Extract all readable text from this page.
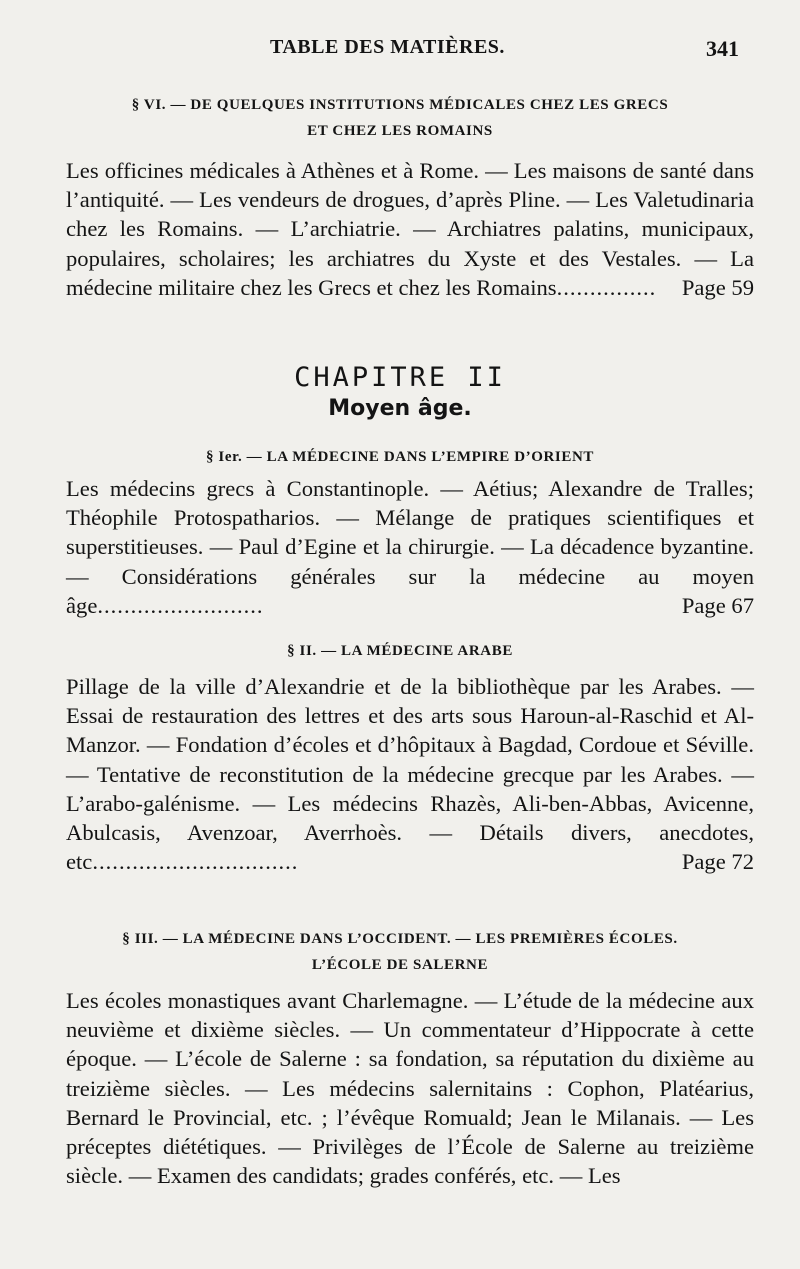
TABLE DES MATIÈRES.	341
§ VI. — DE QUELQUES INSTITUTIONS MÉDICALES CHEZ LES GRECS
ET CHEZ LES ROMAINS
Les officines médicales à Athènes et à Rome. — Les maisons de santé dans l’antiquité. — Les vendeurs de drogues, d’après Pline. — Les Valetudinaria chez les Romains. — L’archiatrie. — Archiatres palatins, municipaux, populaires, scholaires; les archiatres du Xyste et des Vestales. — La médecine militaire chez les Grecs et chez les Romains............... Page 59
CHAPITRE II
Moyen âge.
§ Ier. — LA MÉDECINE DANS L’EMPIRE D’ORIENT
Les médecins grecs à Constantinople. — Aétius; Alexandre de Tralles; Théophile Protospatharios. — Mélange de pratiques scientifiques et superstitieuses. — Paul d’Egine et la chirurgie. — La décadence byzantine. — Considérations générales sur la médecine au moyen âge.........................	Page 67
§ II. — LA MÉDECINE ARABE
Pillage de la ville d’Alexandrie et de la bibliothèque par les Arabes. — Essai de restauration des lettres et des arts sous Haroun-al-Raschid et Al-Manzor. — Fondation d’écoles et d’hôpitaux à Bagdad, Cordoue et Séville. — Tentative de reconstitution de la médecine grecque par les Arabes. — L’arabo-galénisme. — Les médecins Rhazès, Ali-ben-Abbas, Avicenne, Abulcasis, Avenzoar, Averrhoès. — Détails divers, anecdotes, etc...............................	Page 72
§ III. — LA MÉDECINE DANS L’OCCIDENT. — LES PREMIÈRES ÉCOLES.
L’ÉCOLE DE SALERNE
Les écoles monastiques avant Charlemagne. — L’étude de la médecine aux neuvième et dixième siècles. — Un commentateur d’Hippocrate à cette époque. — L’école de Salerne : sa fondation, sa réputation du dixième au treizième siècles. — Les médecins salernitains : Cophon, Platéarius, Bernard le Provincial, etc. ; l’évêque Romuald; Jean le Milanais. — Les préceptes diététiques. — Privilèges de l’École de Salerne au treizième siècle. — Examen des candidats; grades conférés, etc. — Les
